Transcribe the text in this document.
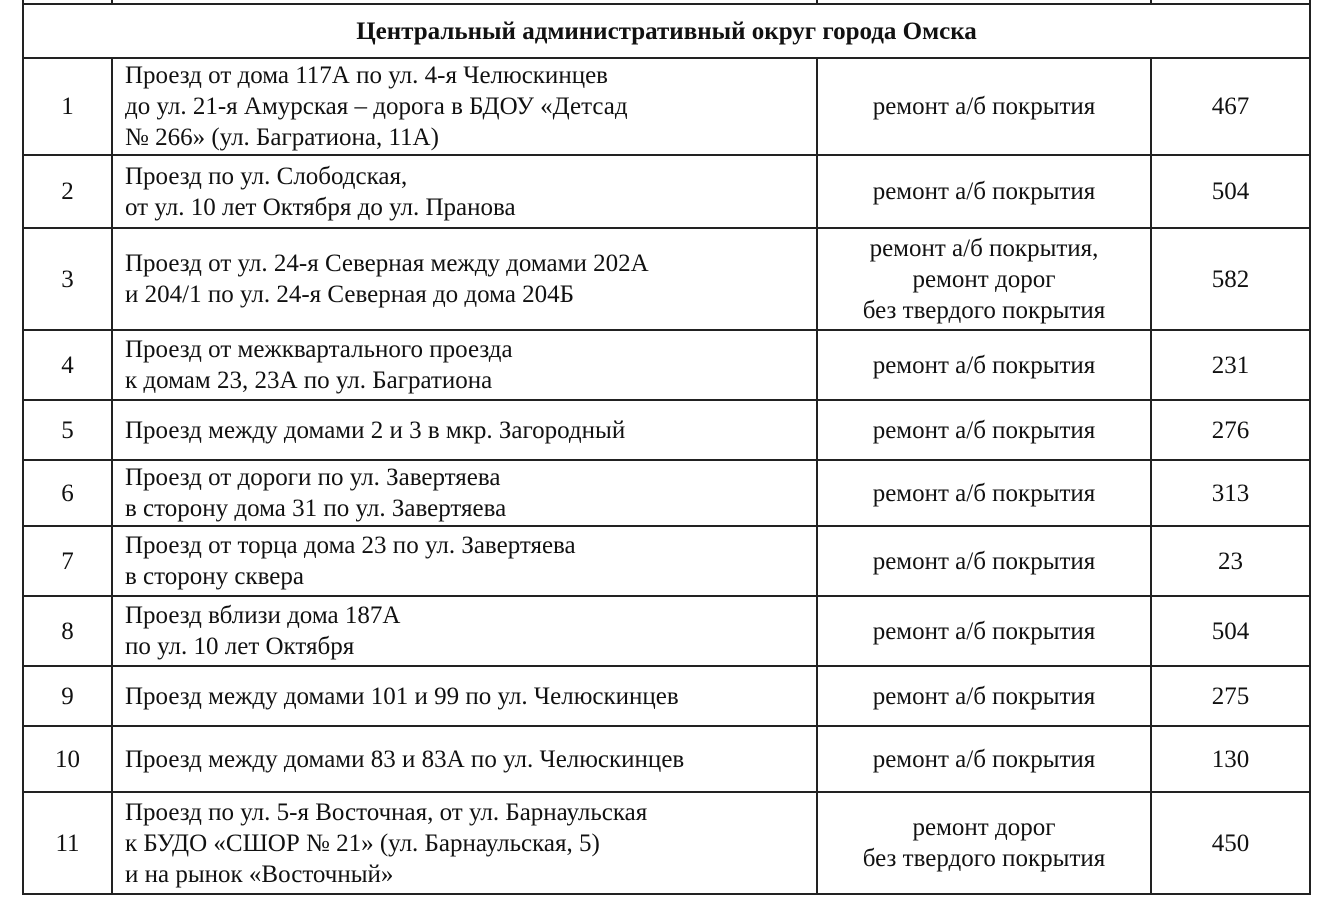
Центральный административный округ города Омска			
1	Проезд от дома 117А по ул. 4-я Челюскинцев
до ул. 21-я Амурская – дорога в БДОУ «Детсад
№ 266» (ул. Багратиона, 11А)	ремонт а/б покрытия	467
2	Проезд по ул. Слободская,
от ул. 10 лет Октября до ул. Пранова	ремонт а/б покрытия	504
3	Проезд от ул. 24-я Северная между домами 202А
и 204/1 по ул. 24-я Северная до дома 204Б	ремонт а/б покрытия,
ремонт дорог
без твердого покрытия	582
4	Проезд от межквартального проезда
к домам 23, 23А по ул. Багратиона	ремонт а/б покрытия	231
5	Проезд между домами 2 и 3 в мкр. Загородный	ремонт а/б покрытия	276
6	Проезд от дороги по ул. Завертяева
в сторону дома 31 по ул. Завертяева	ремонт а/б покрытия	313
7	Проезд от торца дома 23 по ул. Завертяева
в сторону сквера	ремонт а/б покрытия	23
8	Проезд вблизи дома 187А
по ул. 10 лет Октября	ремонт а/б покрытия	504
9	Проезд между домами 101 и 99 по ул. Челюскинцев	ремонт а/б покрытия	275
10	Проезд между домами 83 и 83А по ул. Челюскинцев	ремонт а/б покрытия	130
11	Проезд по ул. 5-я Восточная, от ул. Барнаульская
к БУДО «СШОР № 21» (ул. Барнаульская, 5)
и на рынок «Восточный»	ремонт дорог
без твердого покрытия	450
